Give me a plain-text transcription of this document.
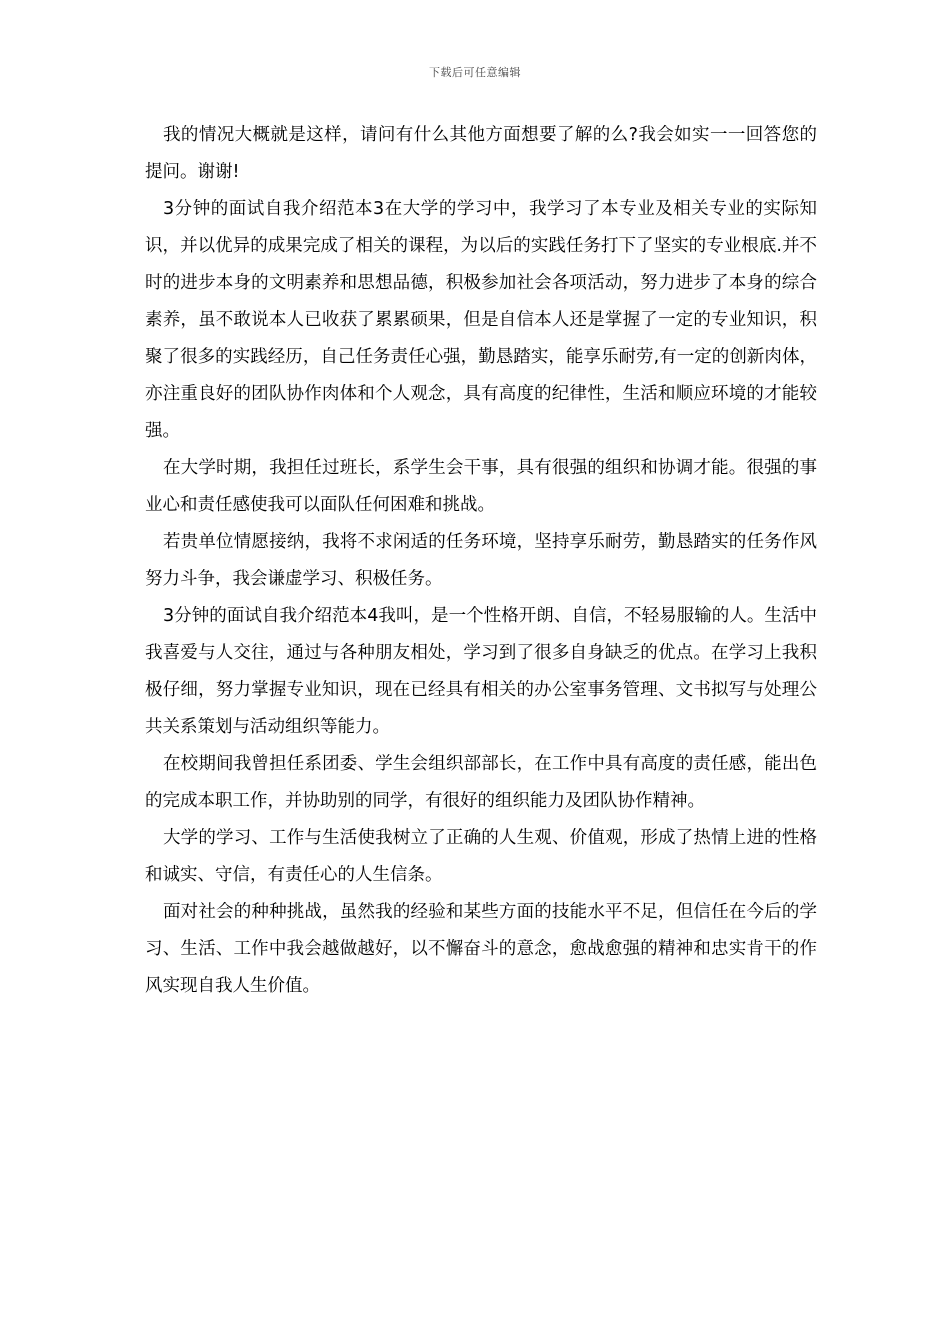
下载后可任意编辑

我的情况大概就是这样，请问有什么其他方面想要了解的么?我会如实一一回答您的提问。谢谢!

3分钟的面试自我介绍范本3在大学的学习中，我学习了本专业及相关专业的实际知识，并以优异的成果完成了相关的课程，为以后的实践任务打下了坚实的专业根底.并不时的进步本身的文明素养和思想品德，积极参加社会各项活动，努力进步了本身的综合素养，虽不敢说本人已收获了累累硕果，但是自信本人还是掌握了一定的专业知识，积聚了很多的实践经历，自己任务责任心强，勤恳踏实，能享乐耐劳,有一定的创新肉体，亦注重良好的团队协作肉体和个人观念，具有高度的纪律性，生活和顺应环境的才能较强。

在大学时期，我担任过班长，系学生会干事，具有很强的组织和协调才能。很强的事业心和责任感使我可以面队任何困难和挑战。

若贵单位情愿接纳，我将不求闲适的任务环境，坚持享乐耐劳，勤恳踏实的任务作风努力斗争，我会谦虚学习、积极任务。

3分钟的面试自我介绍范本4我叫，是一个性格开朗、自信，不轻易服输的人。生活中我喜爱与人交往，通过与各种朋友相处，学习到了很多自身缺乏的优点。在学习上我积极仔细，努力掌握专业知识，现在已经具有相关的办公室事务管理、文书拟写与处理公共关系策划与活动组织等能力。

在校期间我曾担任系团委、学生会组织部部长，在工作中具有高度的责任感，能出色的完成本职工作，并协助别的同学，有很好的组织能力及团队协作精神。

大学的学习、工作与生活使我树立了正确的人生观、价值观，形成了热情上进的性格和诚实、守信，有责任心的人生信条。

面对社会的种种挑战，虽然我的经验和某些方面的技能水平不足，但信任在今后的学习、生活、工作中我会越做越好，以不懈奋斗的意念，愈战愈强的精神和忠实肯干的作风实现自我人生价值。
